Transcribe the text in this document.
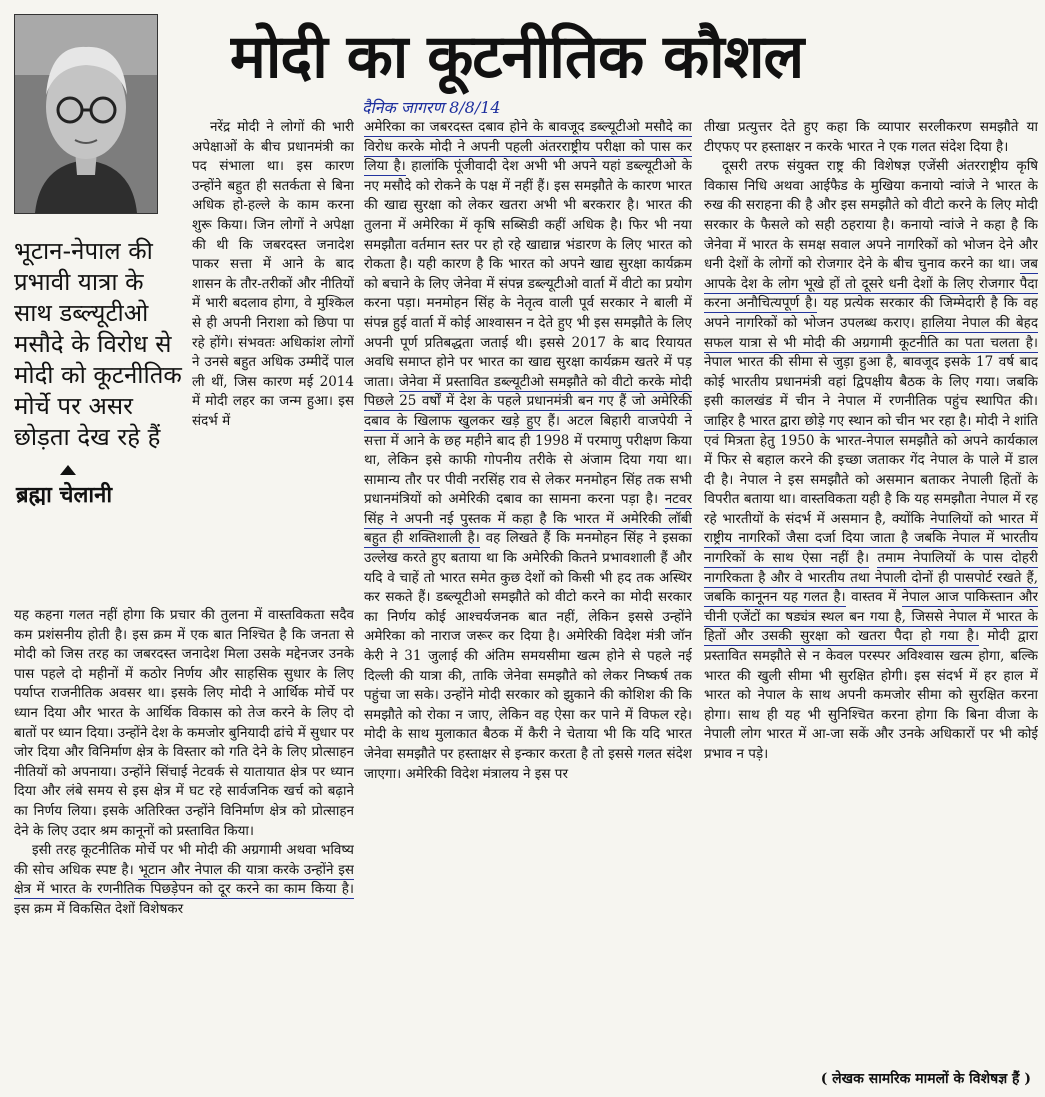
मोदी का कूटनीतिक कौशल
दैनिक जागरण 8/8/14

भूटान-नेपाल की प्रभावी यात्रा के साथ डब्ल्यूटीओ मसौदे के विरोध से मोदी को कूटनीतिक मोर्चे पर असर छोड़ता देख रहे हैं

ब्रह्मा चेलानी

नरेंद्र मोदी ने लोगों की भारी अपेक्षाओं के बीच प्रधानमंत्री का पद संभाला था। इस कारण उन्होंने बहुत ही सतर्कता से बिना अधिक हो-हल्ले के काम करना शुरू किया। जिन लोगों ने अपेक्षा की थी कि जबरदस्त जनादेश पाकर सत्ता में आने के बाद शासन के तौर-तरीकों और नीतियों में भारी बदलाव होगा, वे मुश्किल से ही अपनी निराशा को छिपा पा रहे होंगे। संभवतः अधिकांश लोगों ने उनसे बहुत अधिक उम्मीदें पाल ली थीं, जिस कारण मई 2014 में मोदी लहर का जन्म हुआ। इस संदर्भ में

यह कहना गलत नहीं होगा कि प्रचार की तुलना में वास्तविकता सदैव कम प्रशंसनीय होती है। इस क्रम में एक बात निश्चित है कि जनता से मोदी को जिस तरह का जबरदस्त जनादेश मिला उसके मद्देनजर उनके पास पहले दो महीनों में कठोर निर्णय और साहसिक सुधार के लिए पर्याप्त राजनीतिक अवसर था। इसके लिए मोदी ने आर्थिक मोर्चे पर ध्यान दिया और भारत के आर्थिक विकास को तेज करने के लिए दो बातों पर ध्यान दिया। उन्होंने देश के कमजोर बुनियादी ढांचे में सुधार पर जोर दिया और विनिर्माण क्षेत्र के विस्तार को गति देने के लिए प्रोत्साहन नीतियों को अपनाया। उन्होंने सिंचाई नेटवर्क से यातायात क्षेत्र पर ध्यान दिया और लंबे समय से इस क्षेत्र में घट रहे सार्वजनिक खर्च को बढ़ाने का निर्णय लिया। इसके अतिरिक्त उन्होंने विनिर्माण क्षेत्र को प्रोत्साहन देने के लिए उदार श्रम कानूनों को प्रस्तावित किया।

इसी तरह कूटनीतिक मोर्चे पर भी मोदी की अग्रगामी अथवा भविष्य की सोच अधिक स्पष्ट है। भूटान और नेपाल की यात्रा करके उन्होंने इस क्षेत्र में भारत के रणनीतिक पिछड़ेपन को दूर करने का काम किया है। इस क्रम में विकसित देशों विशेषकर

अमेरिका का जबरदस्त दबाव होने के बावजूद डब्ल्यूटीओ मसौदे का विरोध करके मोदी ने अपनी पहली अंतरराष्ट्रीय परीक्षा को पास कर लिया है। हालांकि पूंजीवादी देश अभी भी अपने यहां डब्ल्यूटीओ के नए मसौदे को रोकने के पक्ष में नहीं हैं। इस समझौते के कारण भारत की खाद्य सुरक्षा को लेकर खतरा अभी भी बरकरार है। भारत की तुलना में अमेरिका में कृषि सब्सिडी कहीं अधिक है। फिर भी नया समझौता वर्तमान स्तर पर हो रहे खाद्यान्न भंडारण के लिए भारत को रोकता है। यही कारण है कि भारत को अपने खाद्य सुरक्षा कार्यक्रम को बचाने के लिए जेनेवा में संपन्न डब्ल्यूटीओ वार्ता में वीटो का प्रयोग करना पड़ा। मनमोहन सिंह के नेतृत्व वाली पूर्व सरकार ने बाली में संपन्न हुई वार्ता में कोई आश्वासन न देते हुए भी इस समझौते के लिए अपनी पूर्ण प्रतिबद्धता जताई थी। इससे 2017 के बाद रियायत अवधि समाप्त होने पर भारत का खाद्य सुरक्षा कार्यक्रम खतरे में पड़ जाता। जेनेवा में प्रस्तावित डब्ल्यूटीओ समझौते को वीटो करके मोदी पिछले 25 वर्षों में देश के पहले प्रधानमंत्री बन गए हैं जो अमेरिकी दबाव के खिलाफ खुलकर खड़े हुए हैं। अटल बिहारी वाजपेयी ने सत्ता में आने के छह महीने बाद ही 1998 में परमाणु परीक्षण किया था, लेकिन इसे काफी गोपनीय तरीके से अंजाम दिया गया था। सामान्य तौर पर पीवी नरसिंह राव से लेकर मनमोहन सिंह तक सभी प्रधानमंत्रियों को अमेरिकी दबाव का सामना करना पड़ा है। नटवर सिंह ने अपनी नई पुस्तक में कहा है कि भारत में अमेरिकी लॉबी बहुत ही शक्तिशाली है। वह लिखते हैं कि मनमोहन सिंह ने इसका उल्लेख करते हुए बताया था कि अमेरिकी कितने प्रभावशाली हैं और यदि वे चाहें तो भारत समेत कुछ देशों को किसी भी हद तक अस्थिर कर सकते हैं। डब्ल्यूटीओ समझौते को वीटो करने का मोदी सरकार का निर्णय कोई आश्चर्यजनक बात नहीं, लेकिन इससे उन्होंने अमेरिका को नाराज जरूर कर दिया है। अमेरिकी विदेश मंत्री जॉन केरी ने 31 जुलाई की अंतिम समयसीमा खत्म होने से पहले नई दिल्ली की यात्रा की, ताकि जेनेवा समझौते को लेकर निष्कर्ष तक पहुंचा जा सके। उन्होंने मोदी सरकार को झुकाने की कोशिश की कि समझौते को रोका न जाए, लेकिन वह ऐसा कर पाने में विफल रहे। मोदी के साथ मुलाकात बैठक में कैरी ने चेताया भी कि यदि भारत जेनेवा समझौते पर हस्ताक्षर से इन्कार करता है तो इससे गलत संदेश जाएगा। अमेरिकी विदेश मंत्रालय ने इस पर

तीखा प्रत्युत्तर देते हुए कहा कि व्यापार सरलीकरण समझौते या टीएफए पर हस्ताक्षर न करके भारत ने एक गलत संदेश दिया है।

दूसरी तरफ संयुक्त राष्ट्र की विशेषज्ञ एजेंसी अंतरराष्ट्रीय कृषि विकास निधि अथवा आईफैड के मुखिया कनायो न्वांजे ने भारत के रुख की सराहना की है और इस समझौते को वीटो करने के लिए मोदी सरकार के फैसले को सही ठहराया है। कनायो न्वांजे ने कहा है कि जेनेवा में भारत के समक्ष सवाल अपने नागरिकों को भोजन देने और धनी देशों के लोगों को रोजगार देने के बीच चुनाव करने का था। जब आपके देश के लोग भूखे हों तो दूसरे धनी देशों के लिए रोजगार पैदा करना अनौचित्यपूर्ण है। यह प्रत्येक सरकार की जिम्मेदारी है कि वह अपने नागरिकों को भोजन उपलब्ध कराए। हालिया नेपाल की बेहद सफल यात्रा से भी मोदी की अग्रगामी कूटनीति का पता चलता है। नेपाल भारत की सीमा से जुड़ा हुआ है, बावजूद इसके 17 वर्ष बाद कोई भारतीय प्रधानमंत्री वहां द्विपक्षीय बैठक के लिए गया। जबकि इसी कालखंड में चीन ने नेपाल में रणनीतिक पहुंच स्थापित की। जाहिर है भारत द्वारा छोड़े गए स्थान को चीन भर रहा है। मोदी ने शांति एवं मित्रता हेतु 1950 के भारत-नेपाल समझौते को अपने कार्यकाल में फिर से बहाल करने की इच्छा जताकर गेंद नेपाल के पाले में डाल दी है। नेपाल ने इस समझौते को असमान बताकर नेपाली हितों के विपरीत बताया था। वास्तविकता यही है कि यह समझौता नेपाल में रह रहे भारतीयों के संदर्भ में असमान है, क्योंकि नेपालियों को भारत में राष्ट्रीय नागरिकों जैसा दर्जा दिया जाता है जबकि नेपाल में भारतीय नागरिकों के साथ ऐसा नहीं है। तमाम नेपालियों के पास दोहरी नागरिकता है और वे भारतीय तथा नेपाली दोनों ही पासपोर्ट रखते हैं, जबकि कानूनन यह गलत है। वास्तव में नेपाल आज पाकिस्तान और चीनी एजेंटों का षड्यंत्र स्थल बन गया है, जिससे नेपाल में भारत के हितों और उसकी सुरक्षा को खतरा पैदा हो गया है। मोदी द्वारा प्रस्तावित समझौते से न केवल परस्पर अविश्वास खत्म होगा, बल्कि भारत की खुली सीमा भी सुरक्षित होगी। इस संदर्भ में हर हाल में भारत को नेपाल के साथ अपनी कमजोर सीमा को सुरक्षित करना होगा। साथ ही यह भी सुनिश्चित करना होगा कि बिना वीजा के नेपाली लोग भारत में आ-जा सकें और उनके अधिकारों पर भी कोई प्रभाव न पड़े।

( लेखक सामरिक मामलों के विशेषज्ञ हैं )
